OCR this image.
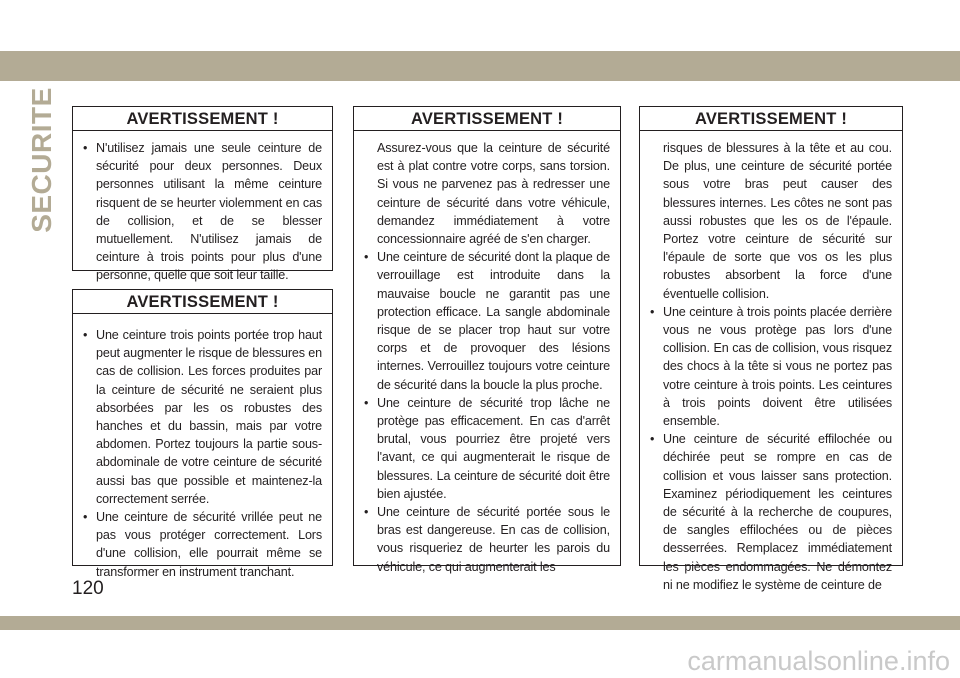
SECURITE	AVERTISSEMENT !
• N'utilisez jamais une seule ceinture de sécurité pour deux personnes. Deux personnes utilisant la même ceinture risquent de se heurter violemment en cas de collision, et de se blesser mutuellement. N'utilisez jamais de ceinture à trois points pour plus d'une personne, quelle que soit leur taille.
AVERTISSEMENT !
• Une ceinture trois points portée trop haut peut augmenter le risque de blessures en cas de collision. Les forces produites par la ceinture de sécurité ne seraient plus absorbées par les os robustes des hanches et du bassin, mais par votre abdomen. Portez toujours la partie sous-abdominale de votre ceinture de sécurité aussi bas que possible et maintenez-la correctement serrée.
• Une ceinture de sécurité vrillée peut ne pas vous protéger correctement. Lors d'une collision, elle pourrait même se transformer en instrument tranchant.
AVERTISSEMENT !
Assurez-vous que la ceinture de sécurité est à plat contre votre corps, sans torsion. Si vous ne parvenez pas à redresser une ceinture de sécurité dans votre véhicule, demandez immédiatement à votre concessionnaire agréé de s'en charger.
• Une ceinture de sécurité dont la plaque de verrouillage est introduite dans la mauvaise boucle ne garantit pas une protection efficace. La sangle abdominale risque de se placer trop haut sur votre corps et de provoquer des lésions internes. Verrouillez toujours votre ceinture de sécurité dans la boucle la plus proche.
• Une ceinture de sécurité trop lâche ne protège pas efficacement. En cas d'arrêt brutal, vous pourriez être projeté vers l'avant, ce qui augmenterait le risque de blessures. La ceinture de sécurité doit être bien ajustée.
• Une ceinture de sécurité portée sous le bras est dangereuse. En cas de collision, vous risqueriez de heurter les parois du véhicule, ce qui augmenterait les
AVERTISSEMENT !
risques de blessures à la tête et au cou. De plus, une ceinture de sécurité portée sous votre bras peut causer des blessures internes. Les côtes ne sont pas aussi robustes que les os de l'épaule. Portez votre ceinture de sécurité sur l'épaule de sorte que vos os les plus robustes absorbent la force d'une éventuelle collision.
• Une ceinture à trois points placée derrière vous ne vous protège pas lors d'une collision. En cas de collision, vous risquez des chocs à la tête si vous ne portez pas votre ceinture à trois points. Les ceintures à trois points doivent être utilisées ensemble.
• Une ceinture de sécurité effilochée ou déchirée peut se rompre en cas de collision et vous laisser sans protection. Examinez périodiquement les ceintures de sécurité à la recherche de coupures, de sangles effilochées ou de pièces desserrées. Remplacez immédiatement les pièces endommagées. Ne démontez ni ne modifiez le système de ceinture de
120
carmanualsonline.info
